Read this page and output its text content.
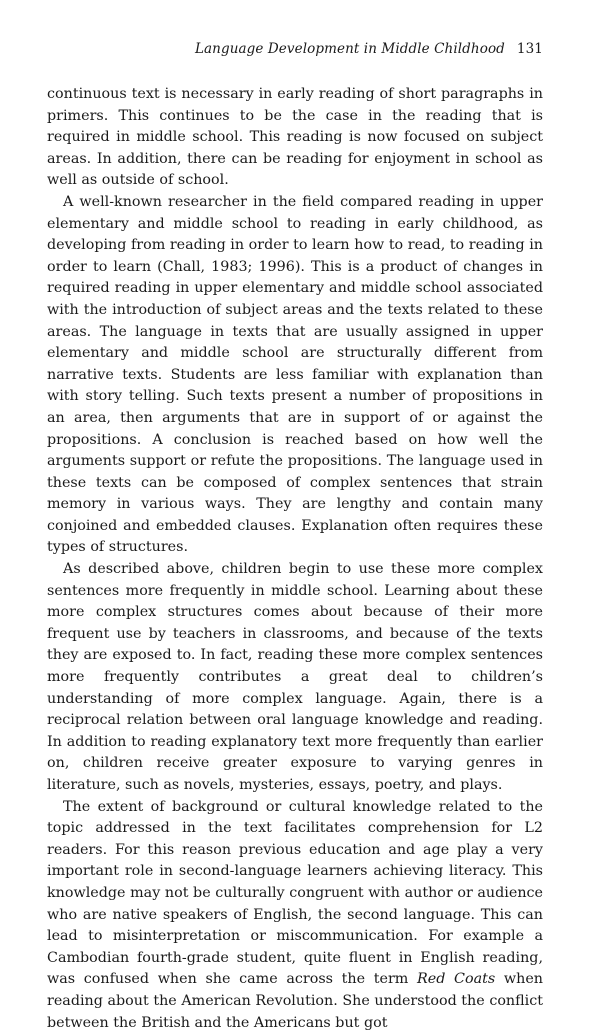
Language Development in Middle Childhood 131

continuous text is necessary in early reading of short paragraphs in primers. This continues to be the case in the reading that is required in middle school. This reading is now focused on subject areas. In addition, there can be reading for enjoyment in school as well as outside of school.

A well-known researcher in the field compared reading in upper elementary and middle school to reading in early childhood, as developing from reading in order to learn how to read, to reading in order to learn (Chall, 1983; 1996). This is a product of changes in required reading in upper elementary and middle school associated with the introduction of subject areas and the texts related to these areas. The language in texts that are usually assigned in upper elementary and middle school are structurally different from narrative texts. Students are less familiar with explanation than with story telling. Such texts present a number of propositions in an area, then arguments that are in support of or against the propositions. A conclusion is reached based on how well the arguments support or refute the propositions. The language used in these texts can be composed of complex sentences that strain memory in various ways. They are lengthy and contain many conjoined and embedded clauses. Explanation often requires these types of structures.

As described above, children begin to use these more complex sentences more frequently in middle school. Learning about these more complex structures comes about because of their more frequent use by teachers in classrooms, and because of the texts they are exposed to. In fact, reading these more complex sentences more frequently contributes a great deal to children’s understanding of more complex language. Again, there is a reciprocal relation between oral language knowledge and reading. In addition to reading explanatory text more frequently than earlier on, children receive greater exposure to varying genres in literature, such as novels, mysteries, essays, poetry, and plays.

The extent of background or cultural knowledge related to the topic addressed in the text facilitates comprehension for L2 readers. For this reason previous education and age play a very important role in second-language learners achieving literacy. This knowledge may not be culturally congruent with author or audience who are native speakers of English, the second language. This can lead to misinterpretation or miscommunication. For example a Cambodian fourth-grade student, quite fluent in English reading, was confused when she came across the term Red Coats when reading about the American Revolution. She understood the conflict between the British and the Americans but got
